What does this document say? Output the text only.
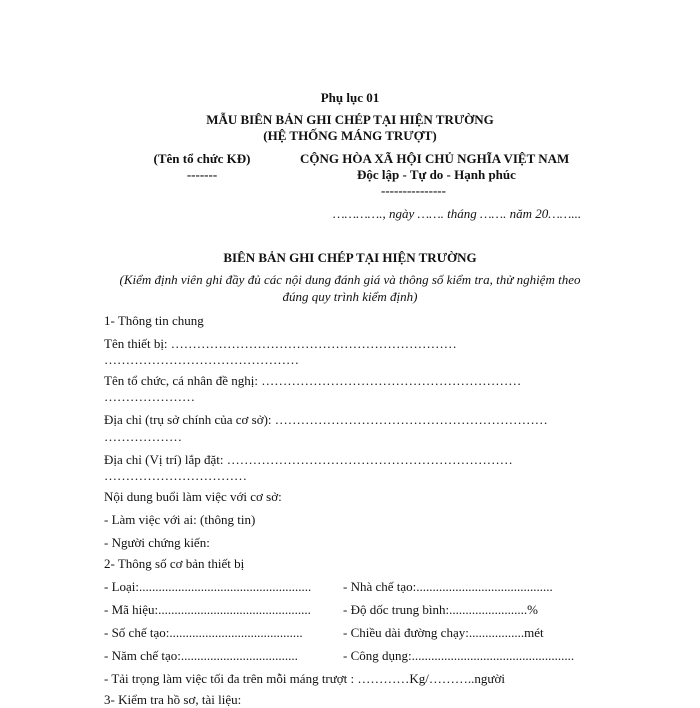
Phụ lục 01
MẪU BIÊN BẢN GHI CHÉP TẠI HIỆN TRƯỜNG
(HỆ THỐNG MÁNG TRƯỢT)
(Tên tổ chức KĐ)	CỘNG HÒA XÃ HỘI CHỦ NGHĨA VIỆT NAM
-------	Độc lập - Tự do - Hạnh phúc
---------------
…………., ngày ……. tháng ……. năm 20……...
BIÊN BẢN GHI CHÉP TẠI HIỆN TRƯỜNG
(Kiểm định viên ghi đầy đủ các nội dung đánh giá và thông số kiểm tra, thử nghiệm theo
đúng quy trình kiểm định)
1- Thông tin chung
Tên thiết bị: …………………………………………………………
………………………………………
Tên tổ chức, cá nhân đề nghị: ……………………………………………………
…………………
Địa chỉ (trụ sở chính của cơ sở): ………………………………………………………
………………
Địa chỉ (Vị trí) lắp đặt: …………………………………………………………
……………………………
Nội dung buổi làm việc với cơ sở:
- Làm việc với ai: (thông tin)
- Người chứng kiến:
2- Thông số cơ bản thiết bị
- Loại:..................................................... - Nhà chế tạo:..........................................
- Mã hiệu:............................................... - Độ dốc trung bình:........................%
- Số chế tạo:.........................................	- Chiều dài đường chạy:.................mét
- Năm chế tạo:....................................	- Công dụng:..................................................
- Tải trọng làm việc tối đa trên mỗi máng trượt : …………Kg/………..người
3- Kiểm tra hồ sơ, tài liệu:
